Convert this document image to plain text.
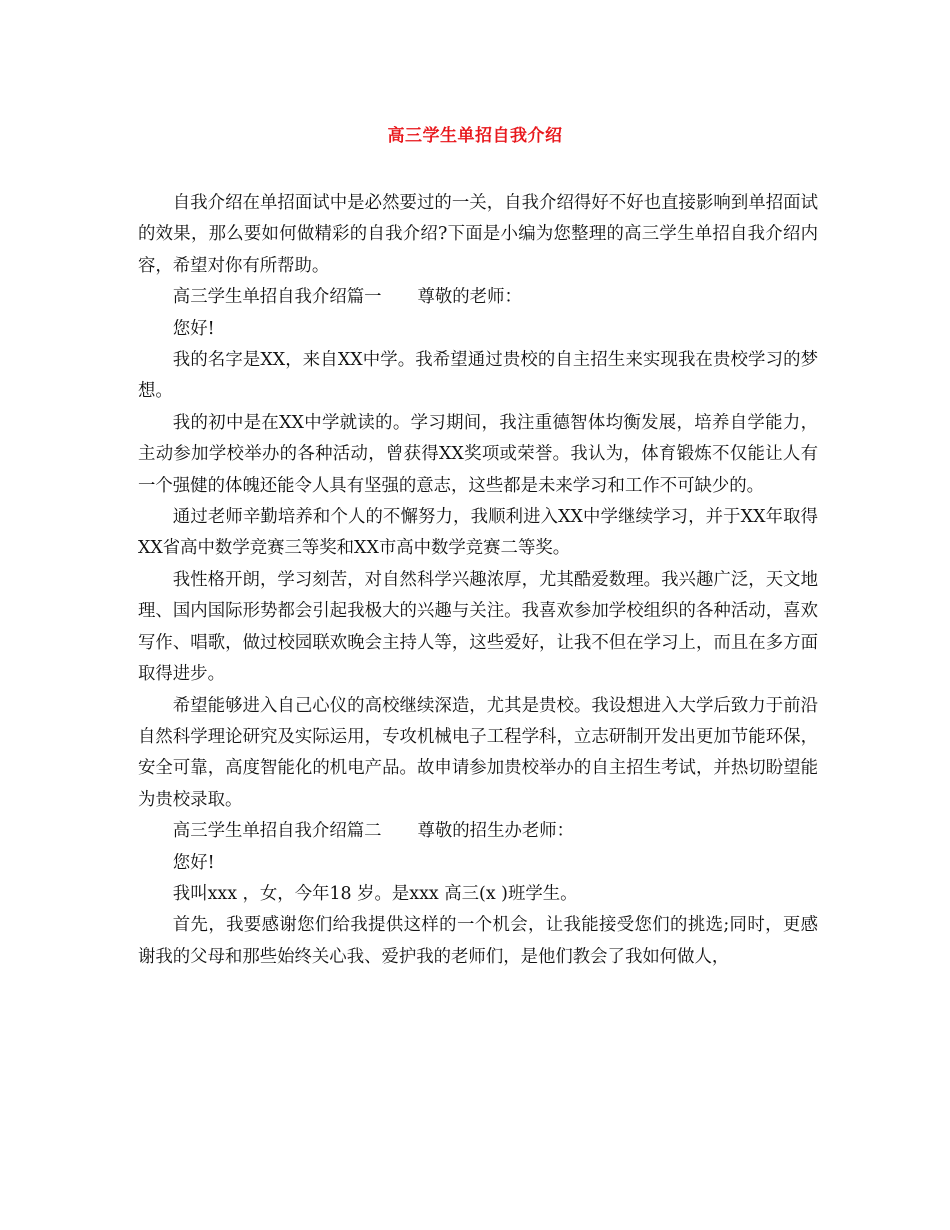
高三学生单招自我介绍

自我介绍在单招面试中是必然要过的一关，自我介绍得好不好也直接影响到单招面试的效果，那么要如何做精彩的自我介绍?下面是小编为您整理的高三学生单招自我介绍内容，希望对你有所帮助。

高三学生单招自我介绍篇一 尊敬的老师：

您好!

我的名字是XX，来自XX中学。我希望通过贵校的自主招生来实现我在贵校学习的梦想。

我的初中是在XX中学就读的。学习期间，我注重德智体均衡发展，培养自学能力，主动参加学校举办的各种活动，曾获得XX奖项或荣誉。我认为，体育锻炼不仅能让人有一个强健的体魄还能令人具有坚强的意志，这些都是未来学习和工作不可缺少的。

通过老师辛勤培养和个人的不懈努力，我顺利进入XX中学继续学习，并于XX年取得XX省高中数学竞赛三等奖和XX市高中数学竞赛二等奖。

我性格开朗，学习刻苦，对自然科学兴趣浓厚，尤其酷爱数理。我兴趣广泛，天文地理、国内国际形势都会引起我极大的兴趣与关注。我喜欢参加学校组织的各种活动，喜欢写作、唱歌，做过校园联欢晚会主持人等，这些爱好，让我不但在学习上，而且在多方面取得进步。

希望能够进入自己心仪的高校继续深造，尤其是贵校。我设想进入大学后致力于前沿自然科学理论研究及实际运用，专攻机械电子工程学科，立志研制开发出更加节能环保，安全可靠，高度智能化的机电产品。故申请参加贵校举办的自主招生考试，并热切盼望能为贵校录取。

高三学生单招自我介绍篇二 尊敬的招生办老师：

您好!

我叫xxx ，女，今年18 岁。是xxx 高三(x )班学生。

首先，我要感谢您们给我提供这样的一个机会，让我能接受您们的挑选;同时，更感谢我的父母和那些始终关心我、爱护我的老师们，是他们教会了我如何做人，
